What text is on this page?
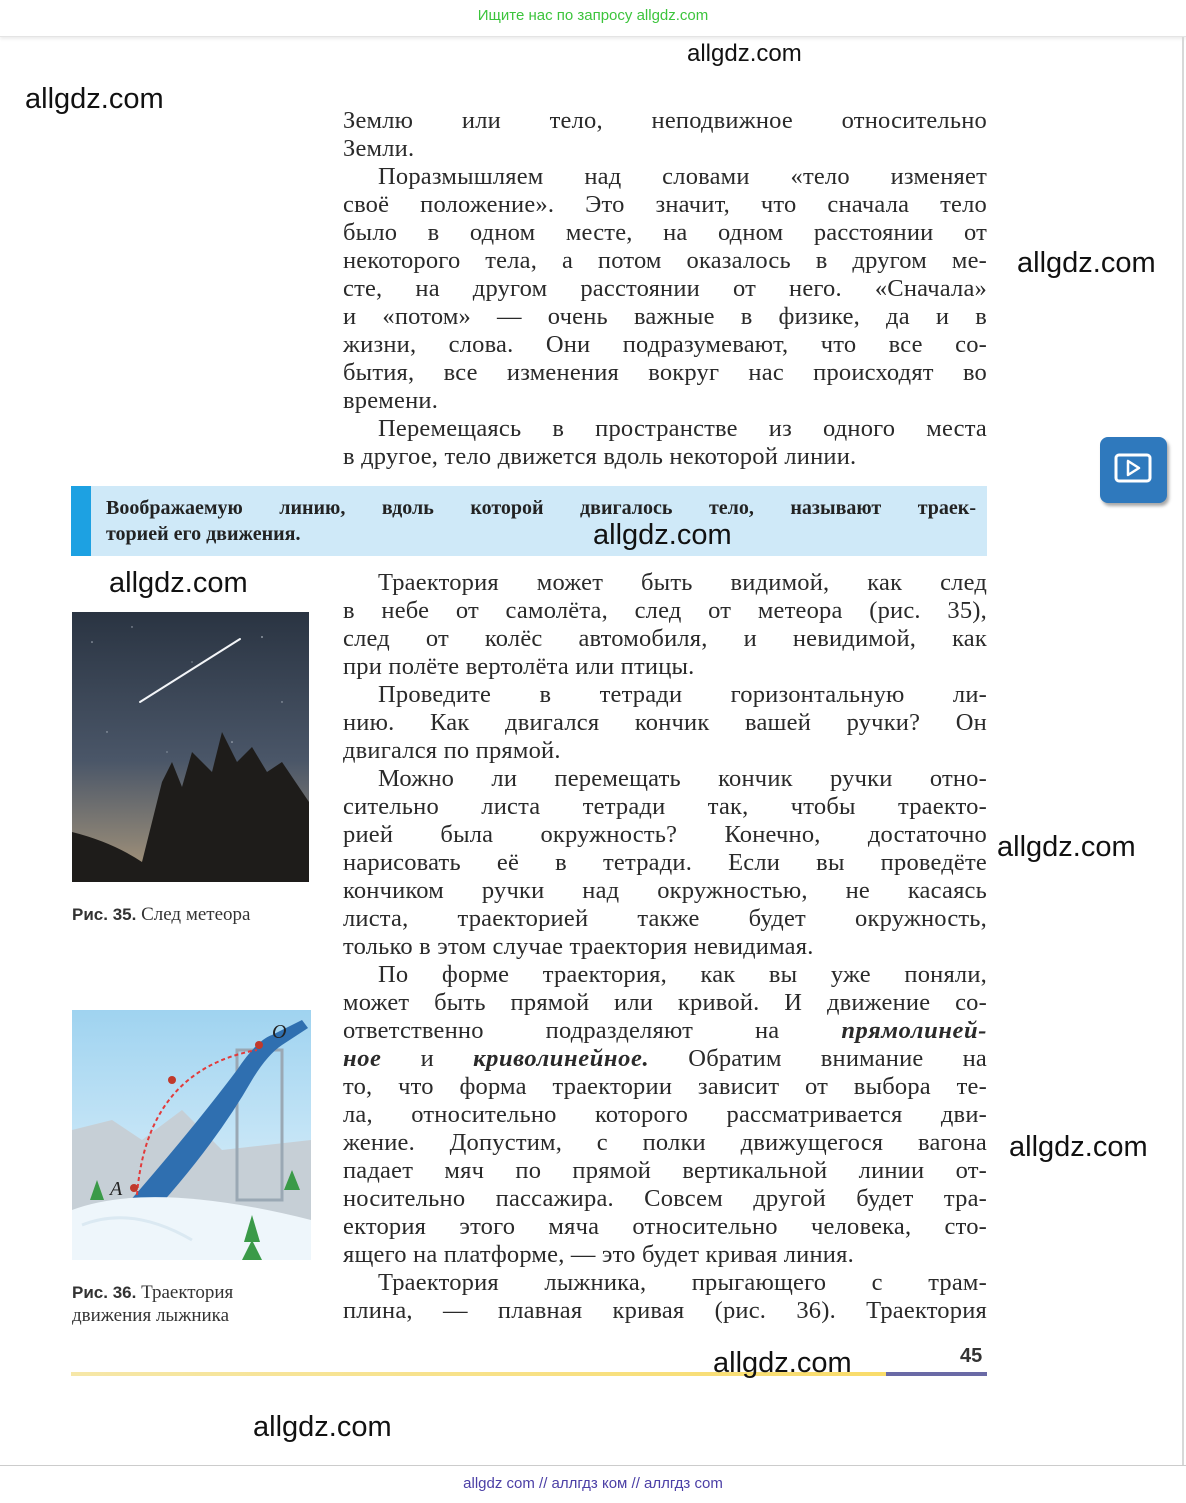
Ищите нас по запросу allgdz.com
allgdz.com
allgdz.com
allgdz.com
allgdz.com
allgdz.com
allgdz.com
allgdz.com
allgdz.com
allgdz.com
Землю или тело, неподвижное относительно
Земли.
Поразмышляем над словами «тело изменяет
своё положение». Это значит, что сначала тело
было в одном месте, на одном расстоянии от
некоторого тела, а потом оказалось в другом ме-
сте, на другом расстоянии от него. «Сначала»
и «потом» — очень важные в физике, да и в
жизни, слова. Они подразумевают, что все со-
бытия, все изменения вокруг нас происходят во
времени.
Перемещаясь в пространстве из одного места
в другое, тело движется вдоль некоторой линии.
Воображаемую линию, вдоль которой двигалось тело, называют траек-
торией его движения.
Траектория может быть видимой, как след
в небе от самолёта, след от метеора (рис. 35),
след от колёс автомобиля, и невидимой, как
при полёте вертолёта или птицы.
Проведите в тетради горизонтальную ли-
нию. Как двигался кончик вашей ручки? Он
двигался по прямой.
Можно ли перемещать кончик ручки отно-
сительно листа тетради так, чтобы траекто-
рией была окружность? Конечно, достаточно
нарисовать её в тетради. Если вы проведёте
кончиком ручки над окружностью, не касаясь
листа, траекторией также будет окружность,
только в этом случае траектория невидимая.
По форме траектория, как вы уже поняли,
может быть прямой или кривой. И движение со-
ответственно подразделяют на прямолиней-
ное и криволинейное. Обратим внимание на
то, что форма траектории зависит от выбора те-
ла, относительно которого рассматривается дви-
жение. Допустим, с полки движущегося вагона
падает мяч по прямой вертикальной линии от-
носительно пассажира. Совсем другой будет тра-
ектория этого мяча относительно человека, сто-
ящего на платформе, — это будет кривая линия.
Траектория лыжника, прыгающего с трам-
плина, — плавная кривая (рис. 36). Траектория
Рис. 35. След метеора
O
A
Рис. 36. Траектория
движения лыжника
45
allgdz com // аллгдз ком // аллгдз com
